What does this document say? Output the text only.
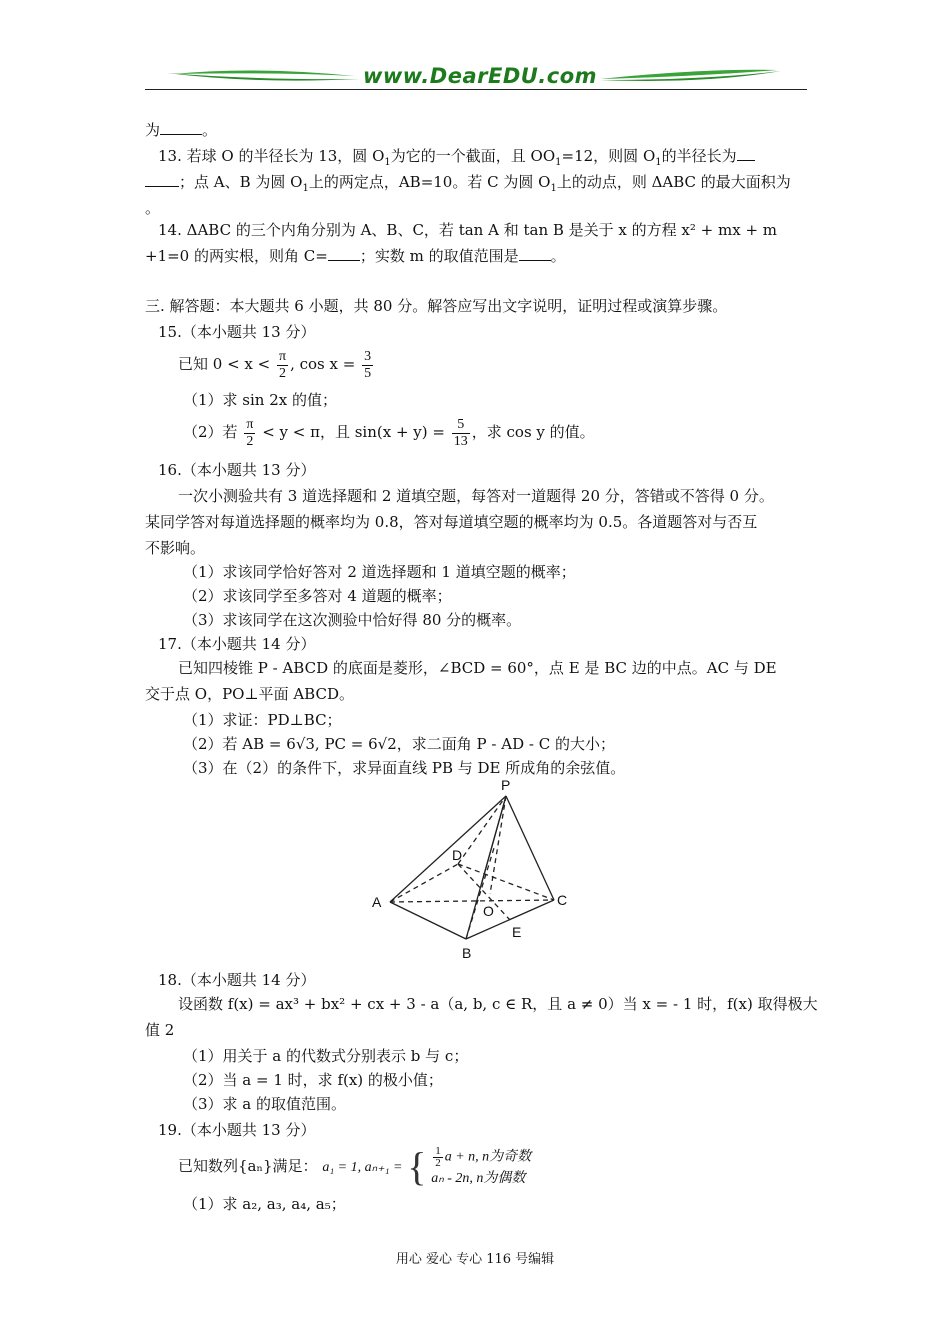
www.DearEDU.com
为	。
13. 若球 O 的半径长为 13，圆 $O_1$为它的一个截面，且 $OO_1=12$，则圆 $O_1$的半径长为
；点 A、B 为圆 $O_1$上的两定点，AB=10。若 C 为圆 $O_1$上的动点，则 ΔABC 的最大面积为
。
14. ΔABC 的三个内角分别为 A、B、C，若 tan A 和 tan B 是关于 x 的方程 x² + mx + m
+1=0 的两实根，则角 C= ；实数 m 的取值范围是 。
三. 解答题：本大题共 6 小题，共 80 分。解答应写出文字说明，证明过程或演算步骤。
15.（本小题共 13 分）
已知 $0 < x < \frac{\pi}{2}$ , $\cos x = \frac{3}{5}$
（1）求 sin 2x 的值；
（2）若 $\frac{\pi}{2} < y < \pi$，且 $\sin(x + y) = \frac{5}{13}$ ，求 cos y 的值。
16.（本小题共 13 分）
一次小测验共有 3 道选择题和 2 道填空题，每答对一道题得 20 分，答错或不答得 0 分。
某同学答对每道选择题的概率均为 0.8，答对每道填空题的概率均为 0.5。各道题答对与否互
不影响。
（1）求该同学恰好答对 2 道选择题和 1 道填空题的概率；
（2）求该同学至多答对 4 道题的概率；
（3）求该同学在这次测验中恰好得 80 分的概率。
17.（本小题共 14 分）
已知四棱锥 P - ABCD 的底面是菱形，∠BCD = 60°，点 E 是 BC 边的中点。AC 与 DE
交于点 O，PO⊥平面 ABCD。
（1）求证：PD⊥BC；
（2）若 AB = 6√3, PC = 6√2，求二面角 P - AD - C 的大小；
（3）在（2）的条件下，求异面直线 PB 与 DE 所成角的余弦值。
P
A
B
C
D
O
E
18.（本小题共 14 分）
设函数 f(x) = ax³ + bx² + cx + 3 - a（a, b, c ∈ R，且 a ≠ 0）当 x = - 1 时，f(x) 取得极大
值 2
（1）用关于 a 的代数式分别表示 b 与 c；
（2）当 a = 1 时，求 f(x) 的极小值；
（3）求 a 的取值范围。
19.（本小题共 13 分）
已知数列{aₙ}满足： a₁ = 1, aₙ₊₁ = { $\frac{1}{2}$ a + n, n为奇数
aₙ - 2n, n为偶数
（1）求 a₂, a₃, a₄, a₅；
用心 爱心 专心 116 号编辑
